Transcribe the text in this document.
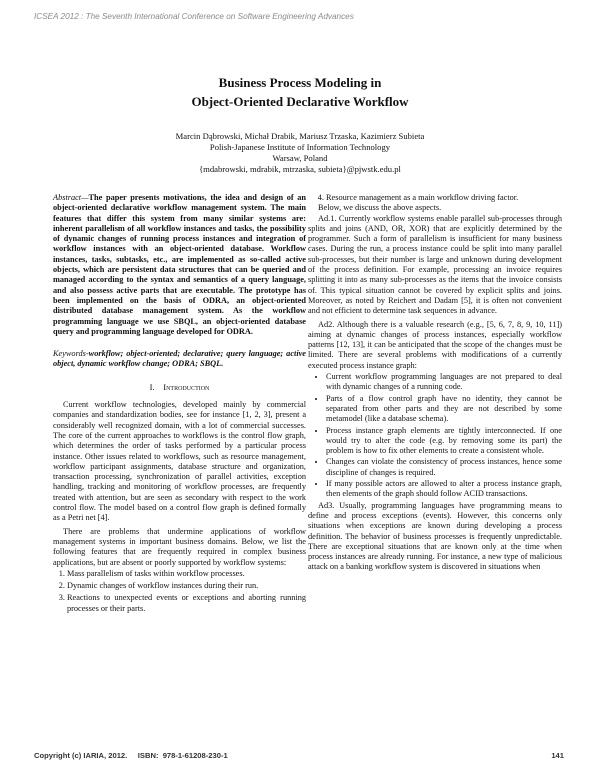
ICSEA 2012 : The Seventh International Conference on Software Engineering Advances
Business Process Modeling in
Object-Oriented Declarative Workflow
Marcin Dąbrowski, Michał Drabik, Mariusz Trzaska, Kazimierz Subieta
Polish-Japanese Institute of Information Technology
Warsaw, Poland
{mdabrowski, mdrabik, mtrzaska, subieta}@pjwstk.edu.pl

Abstract—The paper presents motivations, the idea and design of an object-oriented declarative workflow management system. The main features that differ this system from many similar systems are: inherent parallelism of all workflow instances and tasks, the possibility of dynamic changes of running process instances and integration of workflow instances with an object-oriented database. Workflow instances, tasks, subtasks, etc., are implemented as so-called active objects, which are persistent data structures that can be queried and managed according to the syntax and semantics of a query language, and also possess active parts that are executable. The prototype has been implemented on the basis of ODRA, an object-oriented distributed database management system. As the workflow programming language we use SBQL, an object-oriented database query and programming language developed for ODRA.

Keywords-workflow; object-oriented; declarative; query language; active object, dynamic workflow change; ODRA; SBQL.

I. Introduction

Current workflow technologies, developed mainly by commercial companies and standardization bodies, see for instance [1, 2, 3], present a considerably well recognized domain, with a lot of commercial successes. The core of the current approaches to workflows is the control flow graph, which determines the order of tasks performed by a particular process instance. Other issues related to workflows, such as resource management, workflow participant assignments, database structure and organization, transaction processing, synchronization of parallel activities, exception handling, tracking and monitoring of workflow processes, are frequently treated with attention, but are seen as secondary with respect to the work control flow. The model based on a control flow graph is defined formally as a Petri net [4].

There are problems that undermine applications of workflow management systems in important business domains. Below, we list the following features that are frequently required in complex business applications, but are absent or poorly supported by workflow systems:

1. Mass parallelism of tasks within workflow processes.
2. Dynamic changes of workflow instances during their run.
3. Reactions to unexpected events or exceptions and aborting running processes or their parts.
4. Resource management as a main workflow driving factor.

Below, we discuss the above aspects.

Ad.1. Currently workflow systems enable parallel sub-processes through splits and joins (AND, OR, XOR) that are explicitly determined by the programmer. Such a form of parallelism is insufficient for many business cases. During the run, a process instance could be split into many parallel sub-processes, but their number is large and unknown during development of the process definition. For example, processing an invoice requires splitting it into as many sub-processes as the items that the invoice consists of. This typical situation cannot be covered by explicit splits and joins. Moreover, as noted by Reichert and Dadam [5], it is often not convenient and not efficient to determine task sequences in advance.

Ad2. Although there is a valuable research (e.g., [5, 6, 7, 8, 9, 10, 11]) aiming at dynamic changes of process instances, especially workflow patterns [12, 13], it can be anticipated that the scope of the changes must be limited. There are several problems with modifications of a currently executed process instance graph:

• Current workflow programming languages are not prepared to deal with dynamic changes of a running code.
• Parts of a flow control graph have no identity, they cannot be separated from other parts and they are not described by some metamodel (like a database schema).
• Process instance graph elements are tightly interconnected. If one would try to alter the code (e.g. by removing some its part) the problem is how to fix other elements to create a consistent whole.
• Changes can violate the consistency of process instances, hence some discipline of changes is required.
• If many possible actors are allowed to alter a process instance graph, then elements of the graph should follow ACID transactions.

Ad3. Usually, programming languages have programming means to define and process exceptions (events). However, this concerns only situations when exceptions are known during developing a process definition. The behavior of business processes is frequently unpredictable. There are exceptional situations that are known only at the time when process instances are already running. For instance, a new type of malicious attack on a banking workflow system is discovered in situations when

Copyright (c) IARIA, 2012.     ISBN:  978-1-61208-230-1	141
